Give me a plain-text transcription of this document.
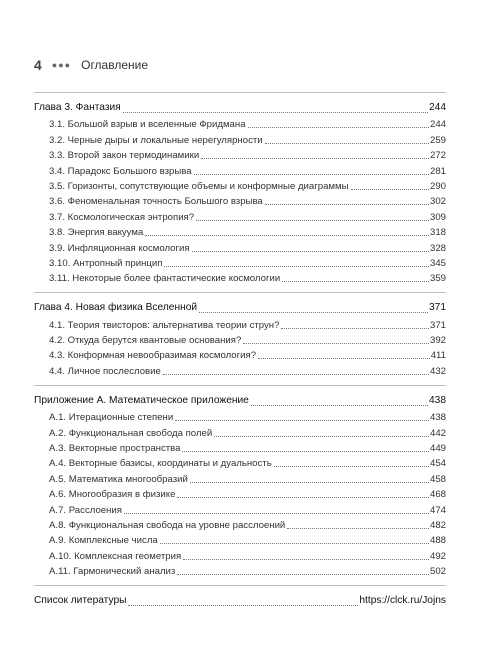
4 ●●● Оглавление
Глава 3. Фантазия	244
3.1. Большой взрыв и вселенные Фридмана	244
3.2. Черные дыры и локальные нерегулярности	259
3.3. Второй закон термодинамики	272
3.4. Парадокс Большого взрыва	281
3.5. Горизонты, сопутствующие объемы и конформные диаграммы	290
3.6. Феноменальная точность Большого взрыва	302
3.7. Космологическая энтропия?	309
3.8. Энергия вакуума	318
3.9. Инфляционная космология	328
3.10. Антропный принцип	345
3.11. Некоторые более фантастические космологии	359
Глава 4. Новая физика Вселенной	371
4.1. Теория твисторов: альтернатива теории струн?	371
4.2. Откуда берутся квантовые основания?	392
4.3. Конформная невообразимая космология?	411
4.4. Личное послесловие	432
Приложение А. Математическое приложение	438
А.1. Итерационные степени	438
А.2. Функциональная свобода полей	442
А.3. Векторные пространства	449
А.4. Векторные базисы, координаты и дуальность	454
А.5. Математика многообразий	458
А.6. Многообразия в физике	468
А.7. Расслоения	474
А.8. Функциональная свобода на уровне расслоений	482
А.9. Комплексные числа	488
А.10. Комплексная геометрия	492
А.11. Гармонический анализ	502
Список литературы	https://clck.ru/Jojns
